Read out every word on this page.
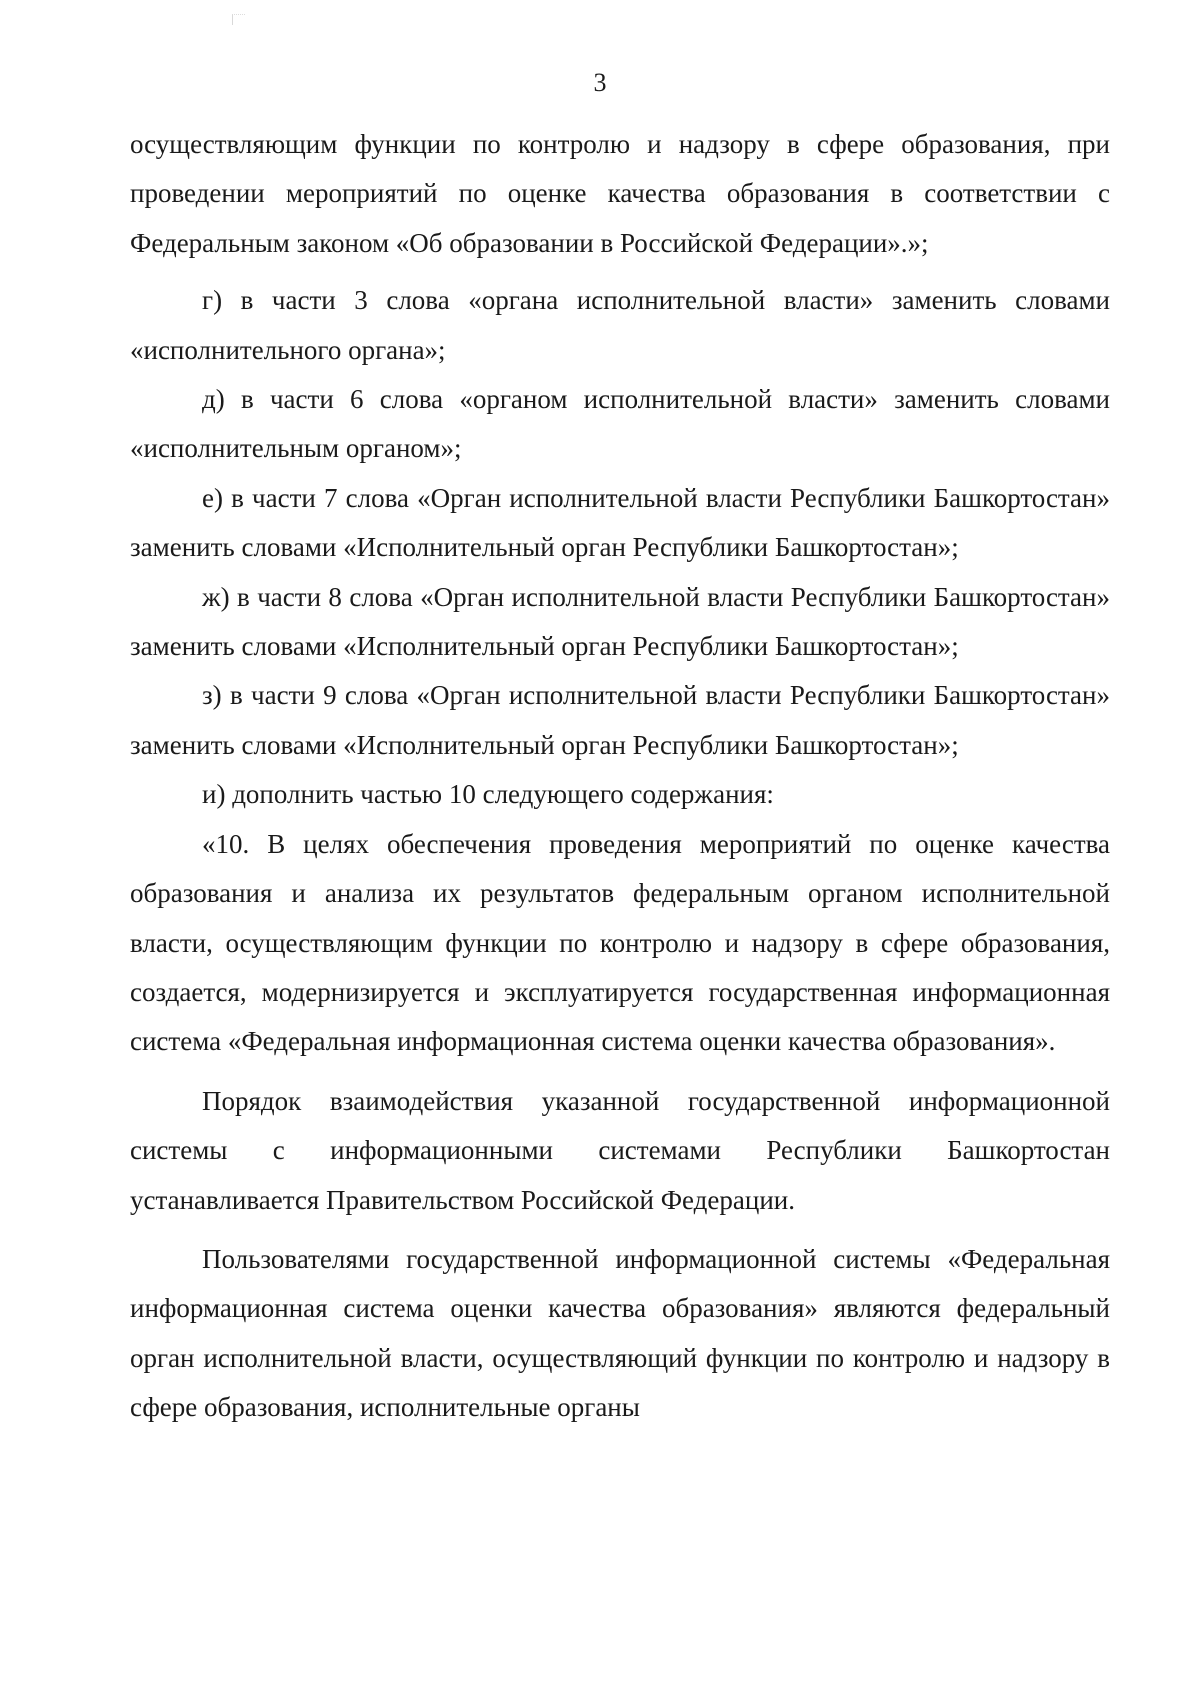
3

осуществляющим функции по контролю и надзору в сфере образования, при проведении мероприятий по оценке качества образования в соответствии с Федеральным законом «Об образовании в Российской Федерации».»;

г) в части 3 слова «органа исполнительной власти» заменить словами «исполнительного органа»;

д) в части 6 слова «органом исполнительной власти» заменить словами «исполнительным органом»;

е) в части 7 слова «Орган исполнительной власти Республики Башкортостан» заменить словами «Исполнительный орган Республики Башкортостан»;

ж) в части 8 слова «Орган исполнительной власти Республики Башкортостан» заменить словами «Исполнительный орган Республики Башкортостан»;

з) в части 9 слова «Орган исполнительной власти Республики Башкортостан» заменить словами «Исполнительный орган Республики Башкортостан»;

и) дополнить частью 10 следующего содержания:

«10. В целях обеспечения проведения мероприятий по оценке качества образования и анализа их результатов федеральным органом исполнительной власти, осуществляющим функции по контролю и надзору в сфере образования, создается, модернизируется и эксплуатируется государственная информационная система «Федеральная информационная система оценки качества образования».

Порядок взаимодействия указанной государственной информационной системы с информационными системами Республики Башкортостан устанавливается Правительством Российской Федерации.

Пользователями государственной информационной системы «Федеральная информационная система оценки качества образования» являются федеральный орган исполнительной власти, осуществляющий функции по контролю и надзору в сфере образования, исполнительные органы
